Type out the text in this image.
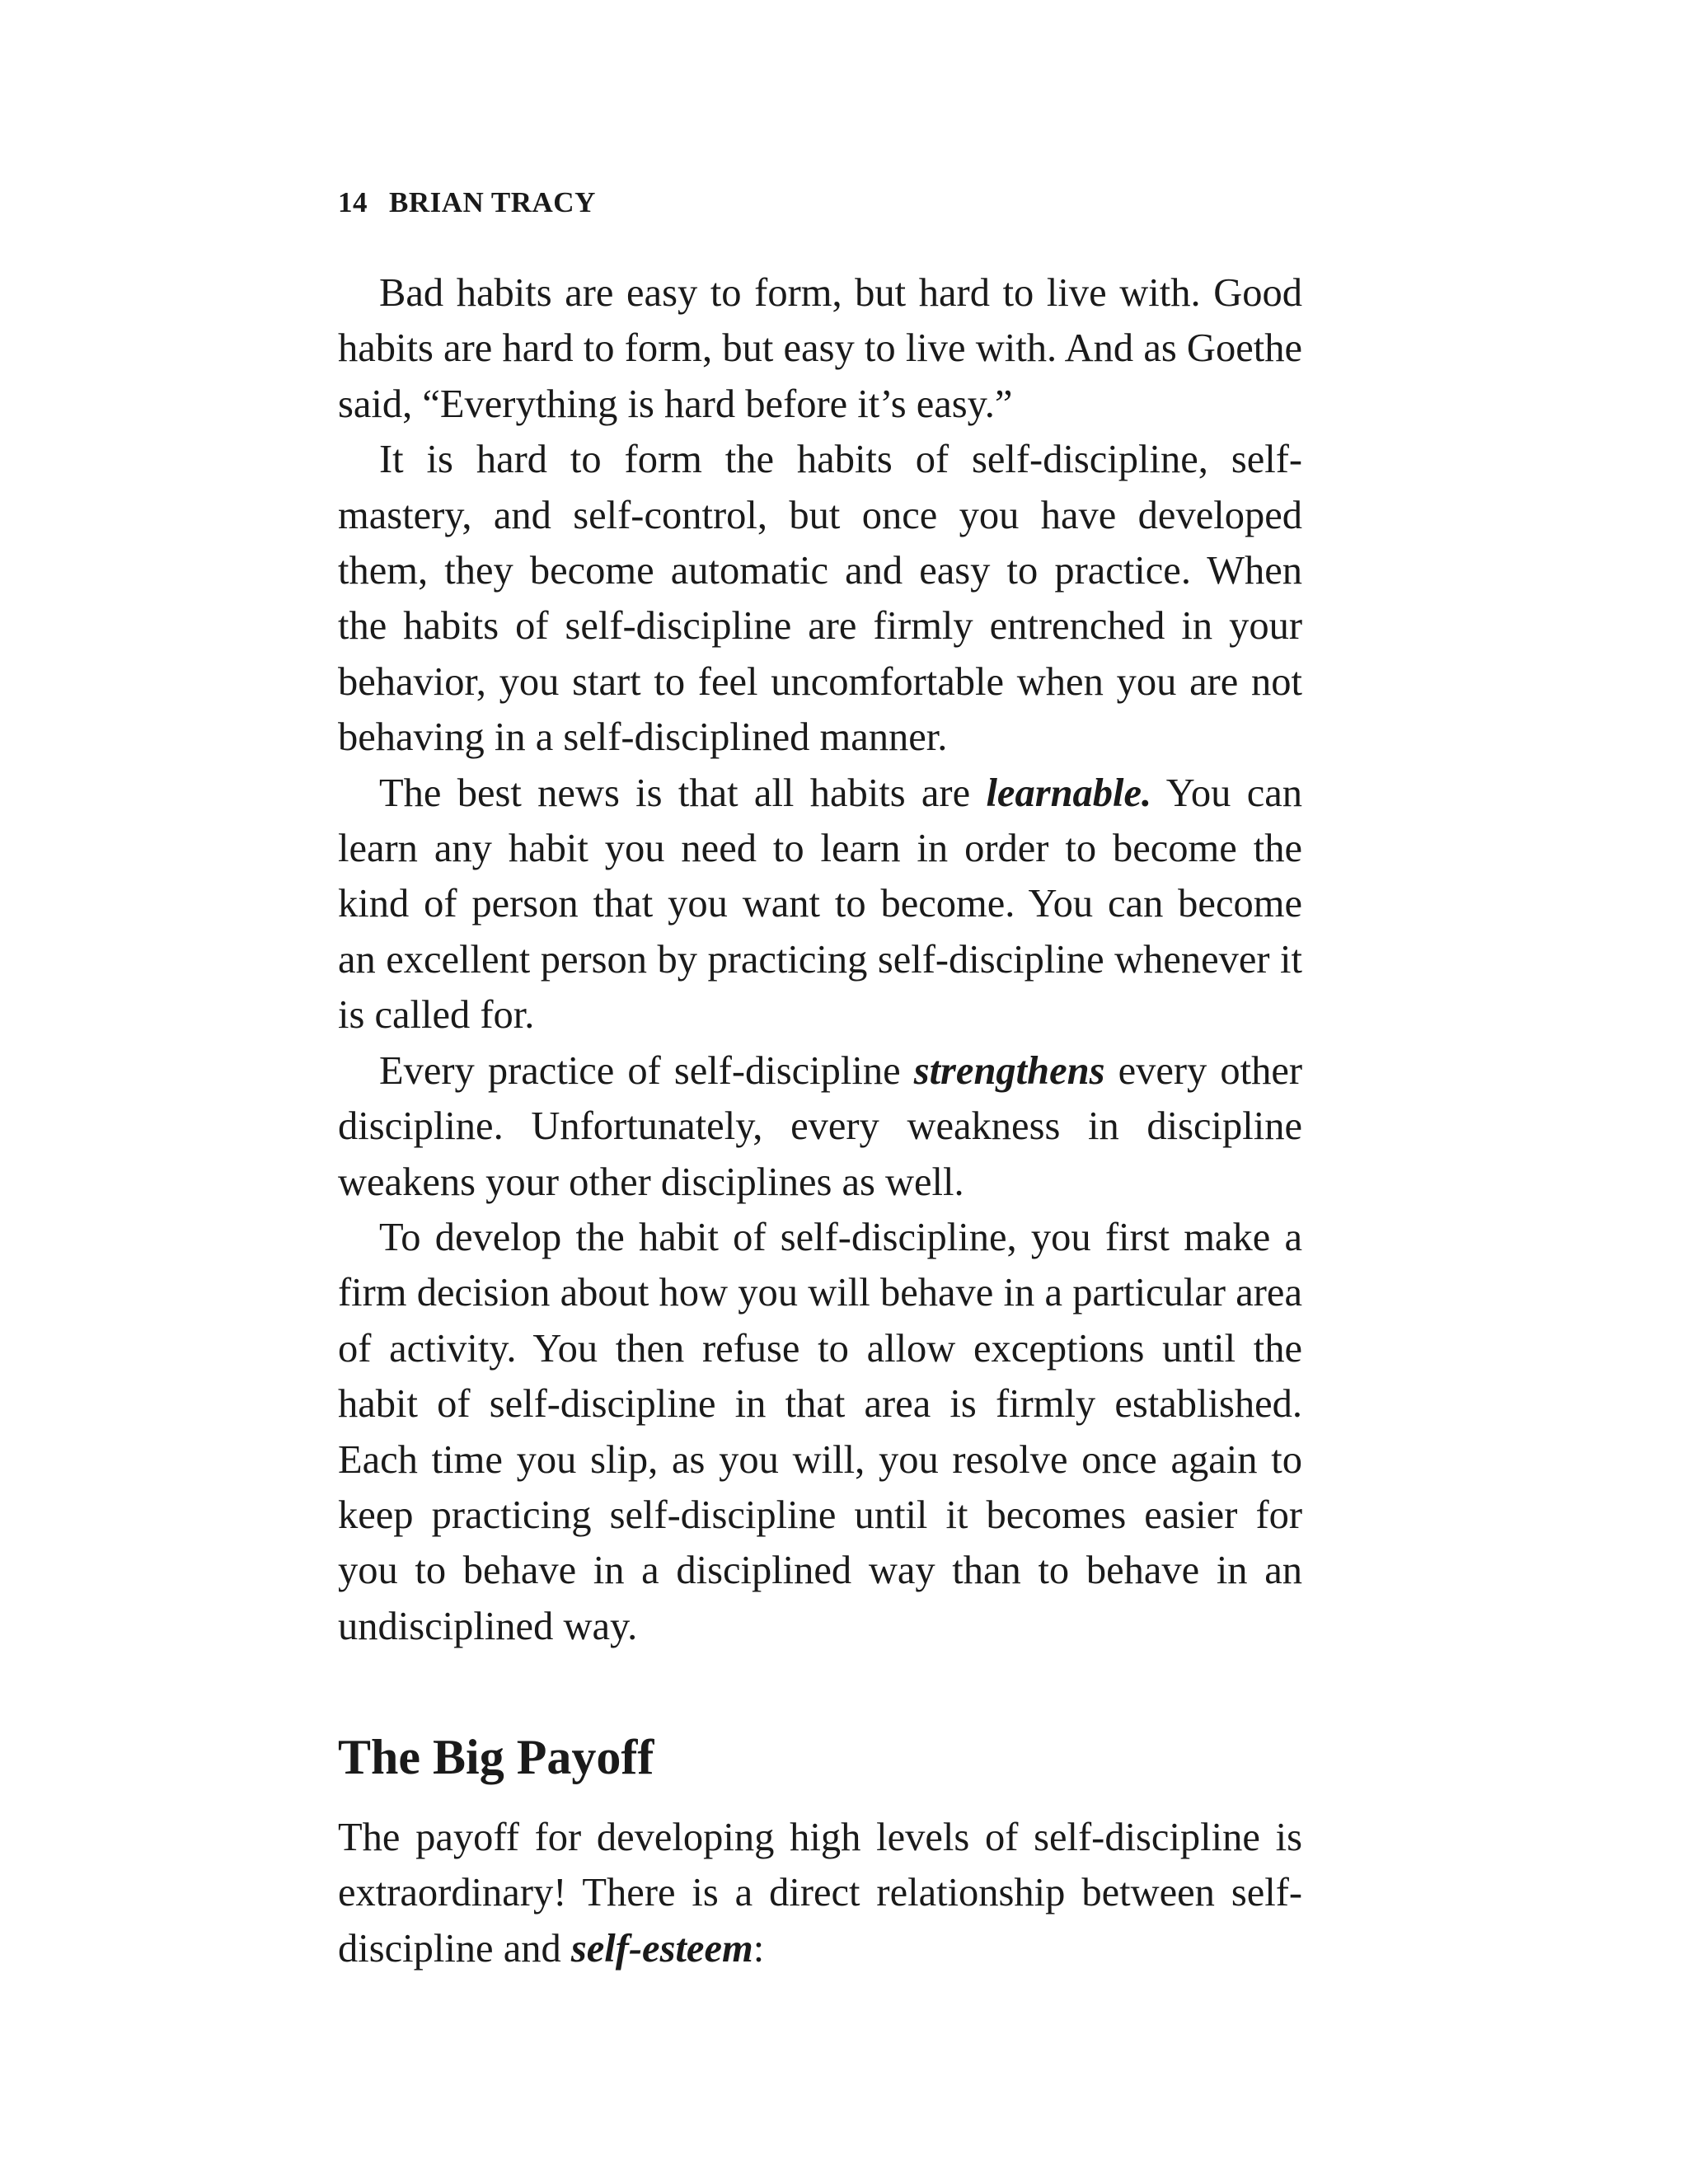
14 BRIAN TRACY

Bad habits are easy to form, but hard to live with. Good habits are hard to form, but easy to live with. And as Goethe said, “Everything is hard before it’s easy.”

It is hard to form the habits of self-discipline, self-mastery, and self-control, but once you have developed them, they become automatic and easy to practice. When the habits of self-discipline are firmly entrenched in your behavior, you start to feel uncomfortable when you are not behaving in a self-disciplined manner.

The best news is that all habits are learnable. You can learn any habit you need to learn in order to become the kind of person that you want to become. You can become an excellent person by practicing self-discipline whenever it is called for.

Every practice of self-discipline strengthens every other discipline. Unfortunately, every weakness in discipline weakens your other disciplines as well.

To develop the habit of self-discipline, you first make a firm decision about how you will behave in a particular area of activity. You then refuse to allow exceptions until the habit of self-discipline in that area is firmly established. Each time you slip, as you will, you resolve once again to keep practicing self-discipline until it becomes easier for you to behave in a disciplined way than to behave in an undisciplined way.

The Big Payoff

The payoff for developing high levels of self-discipline is extraordinary! There is a direct relationship between self-discipline and self-esteem:
